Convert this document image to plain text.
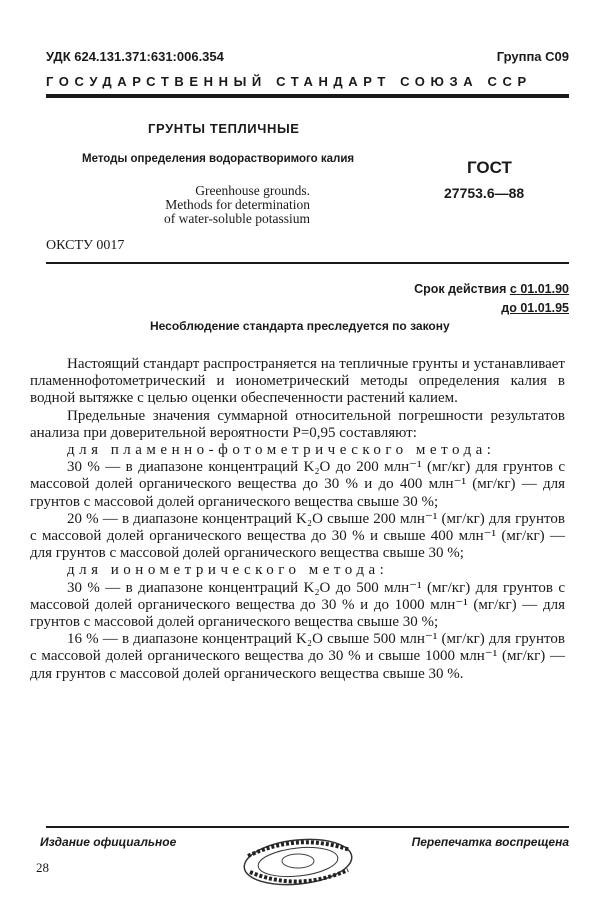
УДК 624.131.371:631:006.354	Группа С09
ГОСУДАРСТВЕННЫЙ СТАНДАРТ СОЮЗА ССР
ГРУНТЫ ТЕПЛИЧНЫЕ
Методы определения водорастворимого калия
Greenhouse grounds.
Methods for determination
of water-soluble potassium
ГОСТ
27753.6—88
ОКСТУ 0017
Срок действия с 01.01.90
до 01.01.95
Несоблюдение стандарта преследуется по закону

Настоящий стандарт распространяется на тепличные грунты и устанавливает пламеннофотометрический и ионометрический методы определения калия в водной вытяжке с целью оценки обеспеченности растений калием.

Предельные значения суммарной относительной погрешности результатов анализа при доверительной вероятности P=0,95 составляют:

для пламенно-фотометрического метода:

30 % — в диапазоне концентраций K₂O до 200 млн⁻¹ (мг/кг) для грунтов с массовой долей органического вещества до 30 % и до 400 млн⁻¹ (мг/кг) — для грунтов с массовой долей органического вещества свыше 30 %;

20 % — в диапазоне концентраций K₂O свыше 200 млн⁻¹ (мг/кг) для грунтов с массовой долей органического вещества до 30 % и свыше 400 млн⁻¹ (мг/кг) — для грунтов с массовой долей органического вещества свыше 30 %;

для ионометрического метода:

30 % — в диапазоне концентраций K₂O до 500 млн⁻¹ (мг/кг) для грунтов с массовой долей органического вещества до 30 % и до 1000 млн⁻¹ (мг/кг) — для грунтов с массовой долей органического вещества свыше 30 %;

16 % — в диапазоне концентраций K₂O свыше 500 млн⁻¹ (мг/кг) для грунтов с массовой долей органического вещества до 30 % и свыше 1000 млн⁻¹ (мг/кг) — для грунтов с массовой долей органического вещества свыше 30 %.

Издание официальное	Перепечатка воспрещена
28
